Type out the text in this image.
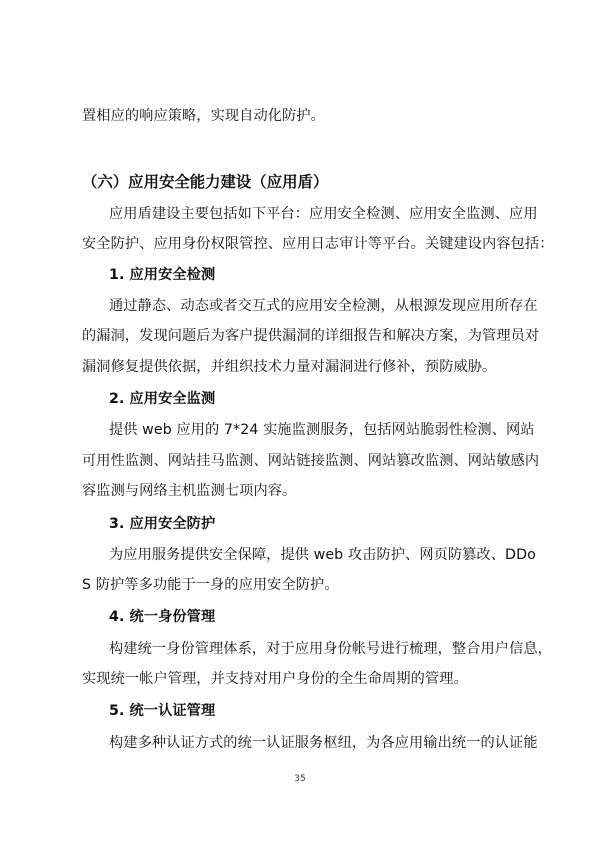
置相应的响应策略，实现自动化防护。
（六）应用安全能力建设（应用盾）
应用盾建设主要包括如下平台：应用安全检测、应用安全监测、应用
安全防护、应用身份权限管控、应用日志审计等平台。关键建设内容包括：
1. 应用安全检测
通过静态、动态或者交互式的应用安全检测，从根源发现应用所存在
的漏洞，发现问题后为客户提供漏洞的详细报告和解决方案，为管理员对
漏洞修复提供依据，并组织技术力量对漏洞进行修补，预防威胁。
2. 应用安全监测
提供 web 应用的 7*24 实施监测服务，包括网站脆弱性检测、网站
可用性监测、网站挂马监测、网站链接监测、网站篡改监测、网站敏感内
容监测与网络主机监测七项内容。
3. 应用安全防护
为应用服务提供安全保障，提供 web 攻击防护、网页防篡改、DDo
S 防护等多功能于一身的应用安全防护。
4. 统一身份管理
构建统一身份管理体系，对于应用身份帐号进行梳理，整合用户信息，
实现统一帐户管理，并支持对用户身份的全生命周期的管理。
5. 统一认证管理
构建多种认证方式的统一认证服务枢纽，为各应用输出统一的认证能
35
